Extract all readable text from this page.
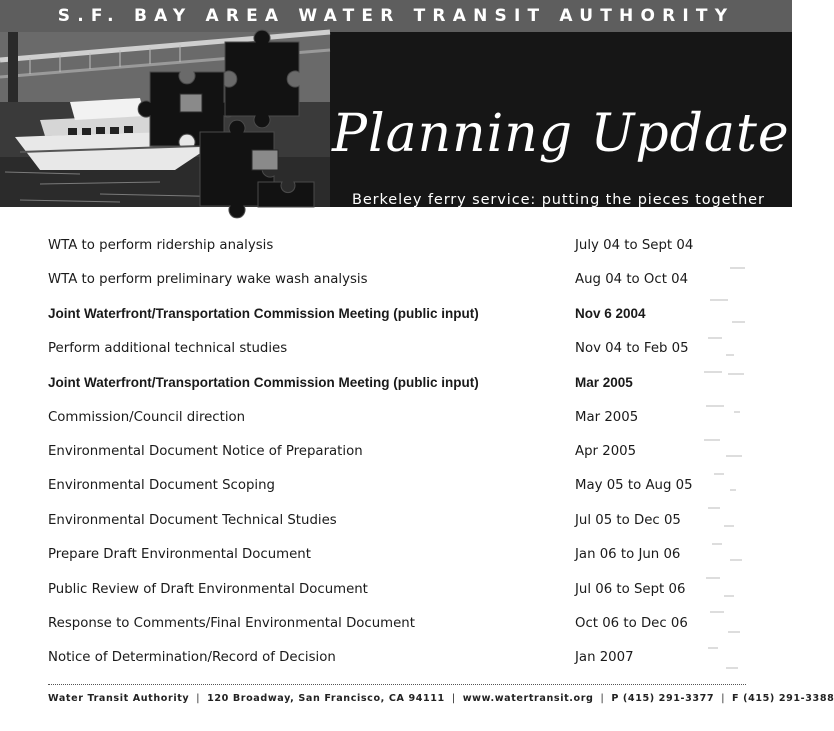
S.F. BAY AREA WATER TRANSIT AUTHORITY
Planning Update
Berkeley ferry service: putting the pieces together
WTA to perform ridership analysis	July 04 to Sept 04
WTA to perform preliminary wake wash analysis	Aug 04 to Oct 04
Joint Waterfront/Transportation Commission Meeting (public input)	Nov 6 2004
Perform additional technical studies	Nov 04 to Feb 05
Joint Waterfront/Transportation Commission Meeting (public input)	Mar 2005
Commission/Council direction	Mar 2005
Environmental Document Notice of Preparation	Apr 2005
Environmental Document Scoping	May 05 to Aug 05
Environmental Document Technical Studies	Jul 05 to Dec 05
Prepare Draft Environmental Document	Jan 06 to Jun 06
Public Review of Draft Environmental Document	Jul 06 to Sept 06
Response to Comments/Final Environmental Document	Oct 06 to Dec 06
Notice of Determination/Record of Decision	Jan 2007
Water Transit Authority | 120 Broadway, San Francisco, CA 94111 | www.watertransit.org | P (415) 291-3377 | F (415) 291-3388
